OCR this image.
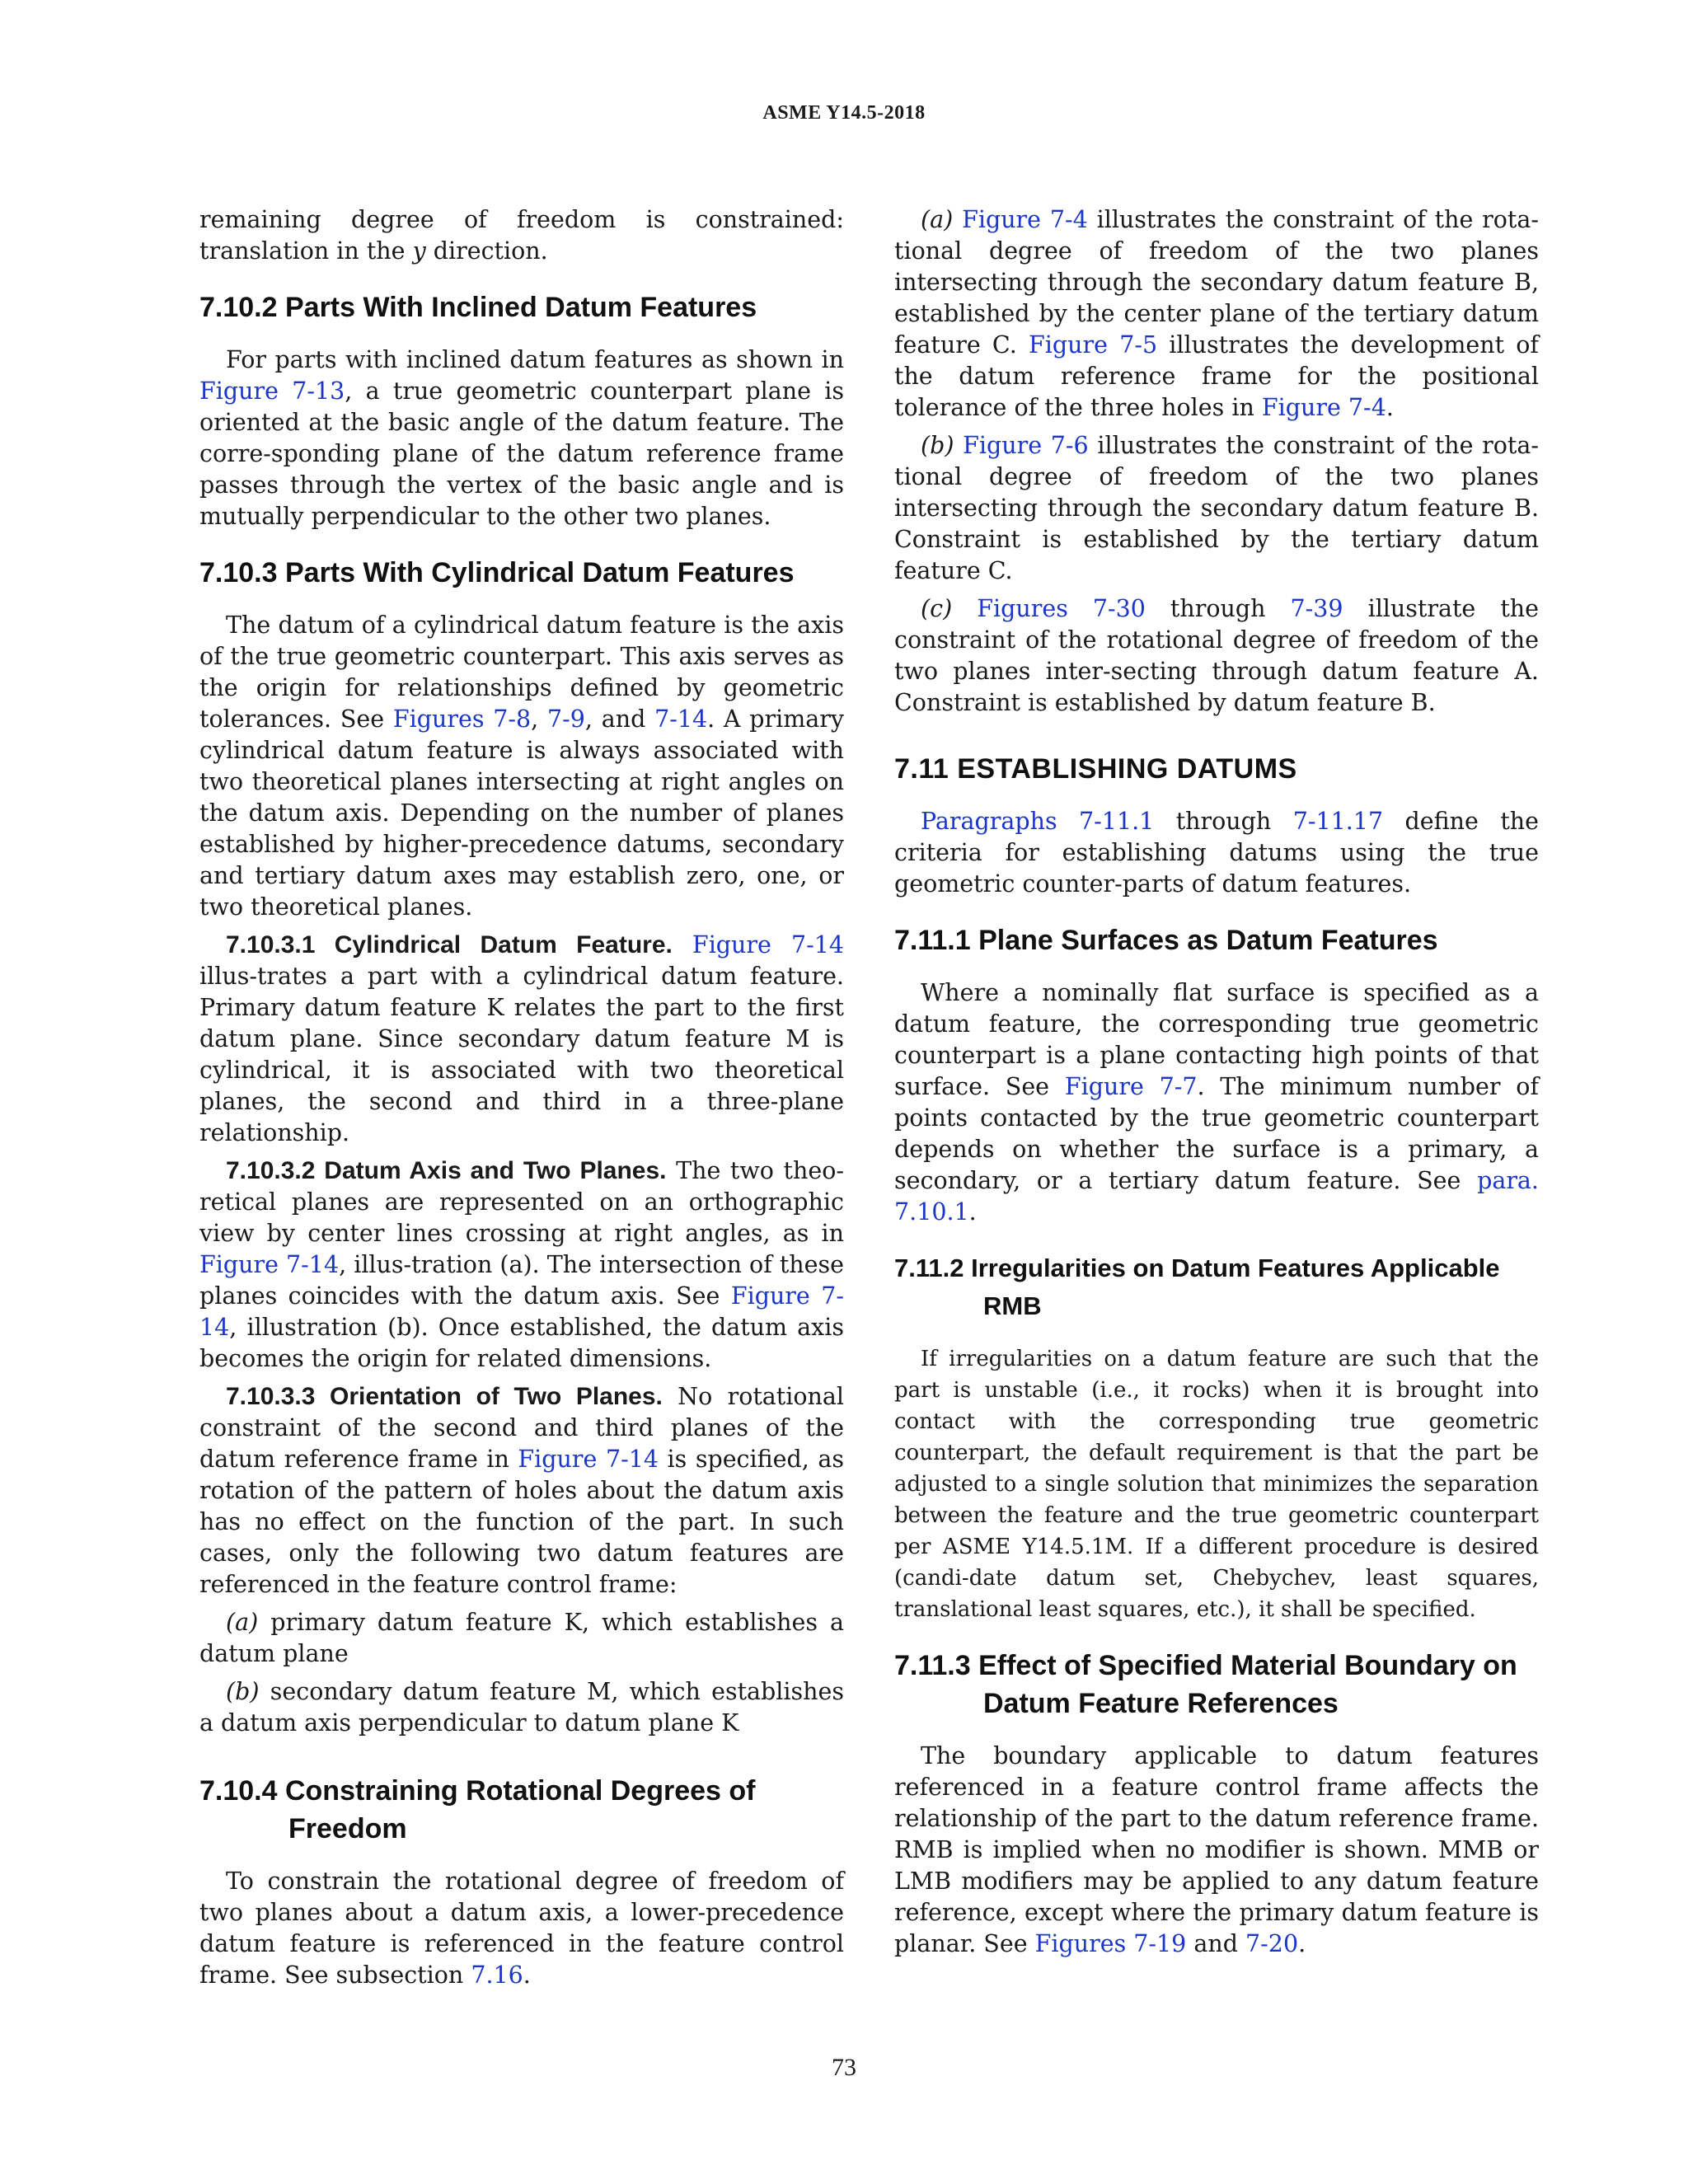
ASME Y14.5-2018

remaining degree of freedom is constrained: translation in the y direction.

7.10.2 Parts With Inclined Datum Features

For parts with inclined datum features as shown in Figure 7-13, a true geometric counterpart plane is oriented at the basic angle of the datum feature. The corre-sponding plane of the datum reference frame passes through the vertex of the basic angle and is mutually perpendicular to the other two planes.

7.10.3 Parts With Cylindrical Datum Features

The datum of a cylindrical datum feature is the axis of the true geometric counterpart. This axis serves as the origin for relationships defined by geometric tolerances. See Figures 7-8, 7-9, and 7-14. A primary cylindrical datum feature is always associated with two theoretical planes intersecting at right angles on the datum axis. Depending on the number of planes established by higher-precedence datums, secondary and tertiary datum axes may establish zero, one, or two theoretical planes.

7.10.3.1 Cylindrical Datum Feature. Figure 7-14 illus-trates a part with a cylindrical datum feature. Primary datum feature K relates the part to the first datum plane. Since secondary datum feature M is cylindrical, it is associated with two theoretical planes, the second and third in a three-plane relationship.

7.10.3.2 Datum Axis and Two Planes. The two theo-retical planes are represented on an orthographic view by center lines crossing at right angles, as in Figure 7-14, illus-tration (a). The intersection of these planes coincides with the datum axis. See Figure 7-14, illustration (b). Once established, the datum axis becomes the origin for related dimensions.

7.10.3.3 Orientation of Two Planes. No rotational constraint of the second and third planes of the datum reference frame in Figure 7-14 is specified, as rotation of the pattern of holes about the datum axis has no effect on the function of the part. In such cases, only the following two datum features are referenced in the feature control frame:

(a) primary datum feature K, which establishes a datum plane

(b) secondary datum feature M, which establishes a datum axis perpendicular to datum plane K

7.10.4 Constraining Rotational Degrees of Freedom

To constrain the rotational degree of freedom of two planes about a datum axis, a lower-precedence datum feature is referenced in the feature control frame. See subsection 7.16.

(a) Figure 7-4 illustrates the constraint of the rota-tional degree of freedom of the two planes intersecting through the secondary datum feature B, established by the center plane of the tertiary datum feature C. Figure 7-5 illustrates the development of the datum reference frame for the positional tolerance of the three holes in Figure 7-4.

(b) Figure 7-6 illustrates the constraint of the rota-tional degree of freedom of the two planes intersecting through the secondary datum feature B. Constraint is established by the tertiary datum feature C.

(c) Figures 7-30 through 7-39 illustrate the constraint of the rotational degree of freedom of the two planes inter-secting through datum feature A. Constraint is established by datum feature B.

7.11 ESTABLISHING DATUMS

Paragraphs 7-11.1 through 7-11.17 define the criteria for establishing datums using the true geometric counter-parts of datum features.

7.11.1 Plane Surfaces as Datum Features

Where a nominally flat surface is specified as a datum feature, the corresponding true geometric counterpart is a plane contacting high points of that surface. See Figure 7-7. The minimum number of points contacted by the true geometric counterpart depends on whether the surface is a primary, a secondary, or a tertiary datum feature. See para. 7.10.1.

7.11.2 Irregularities on Datum Features Applicable RMB

If irregularities on a datum feature are such that the part is unstable (i.e., it rocks) when it is brought into contact with the corresponding true geometric counterpart, the default requirement is that the part be adjusted to a single solution that minimizes the separation between the feature and the true geometric counterpart per ASME Y14.5.1M. If a different procedure is desired (candi-date datum set, Chebychev, least squares, translational least squares, etc.), it shall be specified.

7.11.3 Effect of Specified Material Boundary on Datum Feature References

The boundary applicable to datum features referenced in a feature control frame affects the relationship of the part to the datum reference frame. RMB is implied when no modifier is shown. MMB or LMB modifiers may be applied to any datum feature reference, except where the primary datum feature is planar. See Figures 7-19 and 7-20.

73
